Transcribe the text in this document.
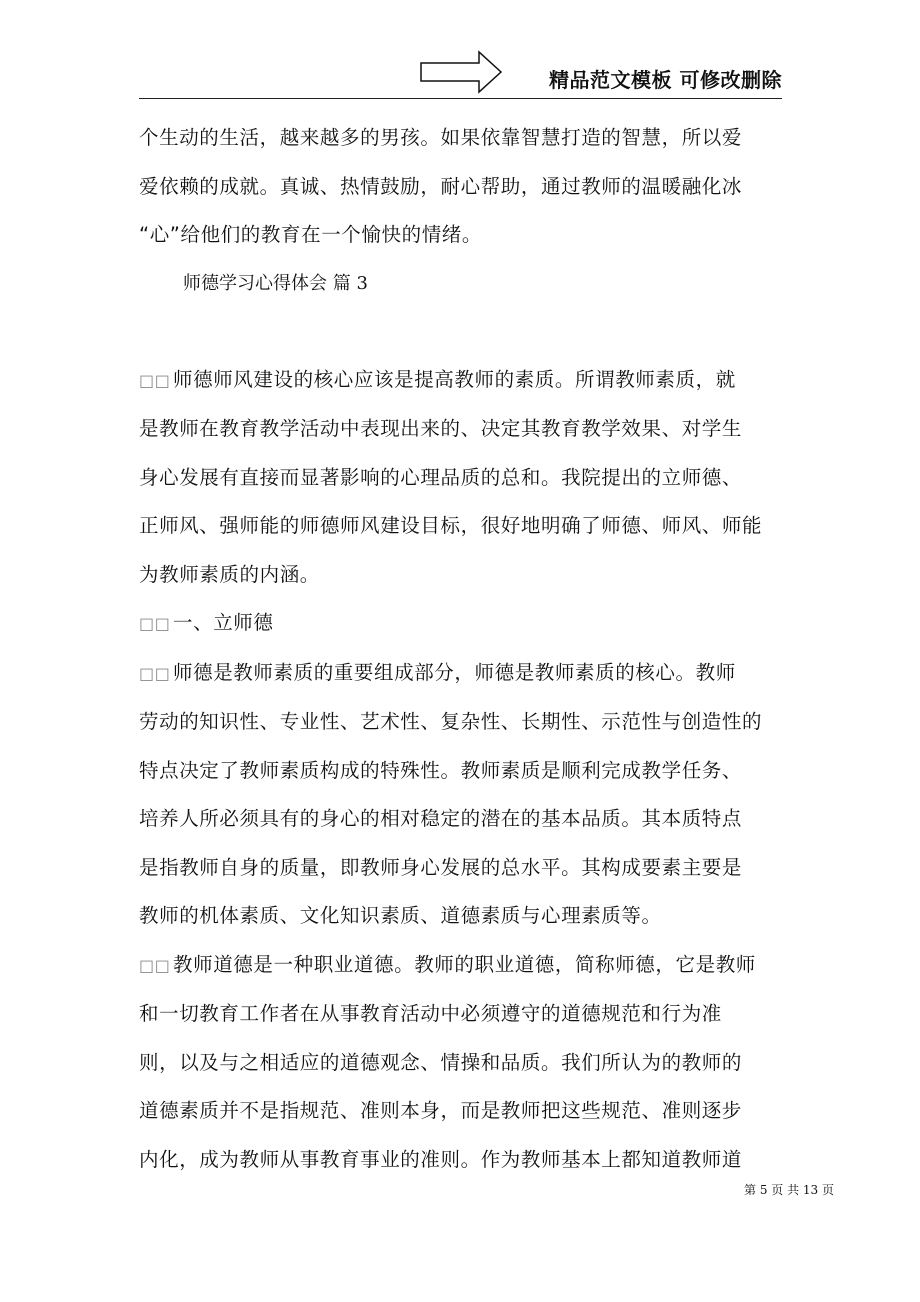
精品范文模板 可修改删除

个生动的生活，越来越多的男孩。如果依靠智慧打造的智慧，所以爱

爱依赖的成就。真诚、热情鼓励，耐心帮助，通过教师的温暖融化冰

“心”给他们的教育在一个愉快的情绪。

师德学习心得体会 篇 3

□□ 师德师风建设的核心应该是提高教师的素质。所谓教师素质，就

是教师在教育教学活动中表现出来的、决定其教育教学效果、对学生

身心发展有直接而显著影响的心理品质的总和。我院提出的立师德、

正师风、强师能的师德师风建设目标，很好地明确了师德、师风、师能

为教师素质的内涵。

□□ 一、立师德

□□ 师德是教师素质的重要组成部分，师德是教师素质的核心。教师

劳动的知识性、专业性、艺术性、复杂性、长期性、示范性与创造性的

特点决定了教师素质构成的特殊性。教师素质是顺利完成教学任务、

培养人所必须具有的身心的相对稳定的潜在的基本品质。其本质特点

是指教师自身的质量，即教师身心发展的总水平。其构成要素主要是

教师的机体素质、文化知识素质、道德素质与心理素质等。

□□ 教师道德是一种职业道德。教师的职业道德，简称师德，它是教师

和一切教育工作者在从事教育活动中必须遵守的道德规范和行为准

则，以及与之相适应的道德观念、情操和品质。我们所认为的教师的

道德素质并不是指规范、准则本身，而是教师把这些规范、准则逐步

内化，成为教师从事教育事业的准则。作为教师基本上都知道教师道

第 5 页 共 13 页
